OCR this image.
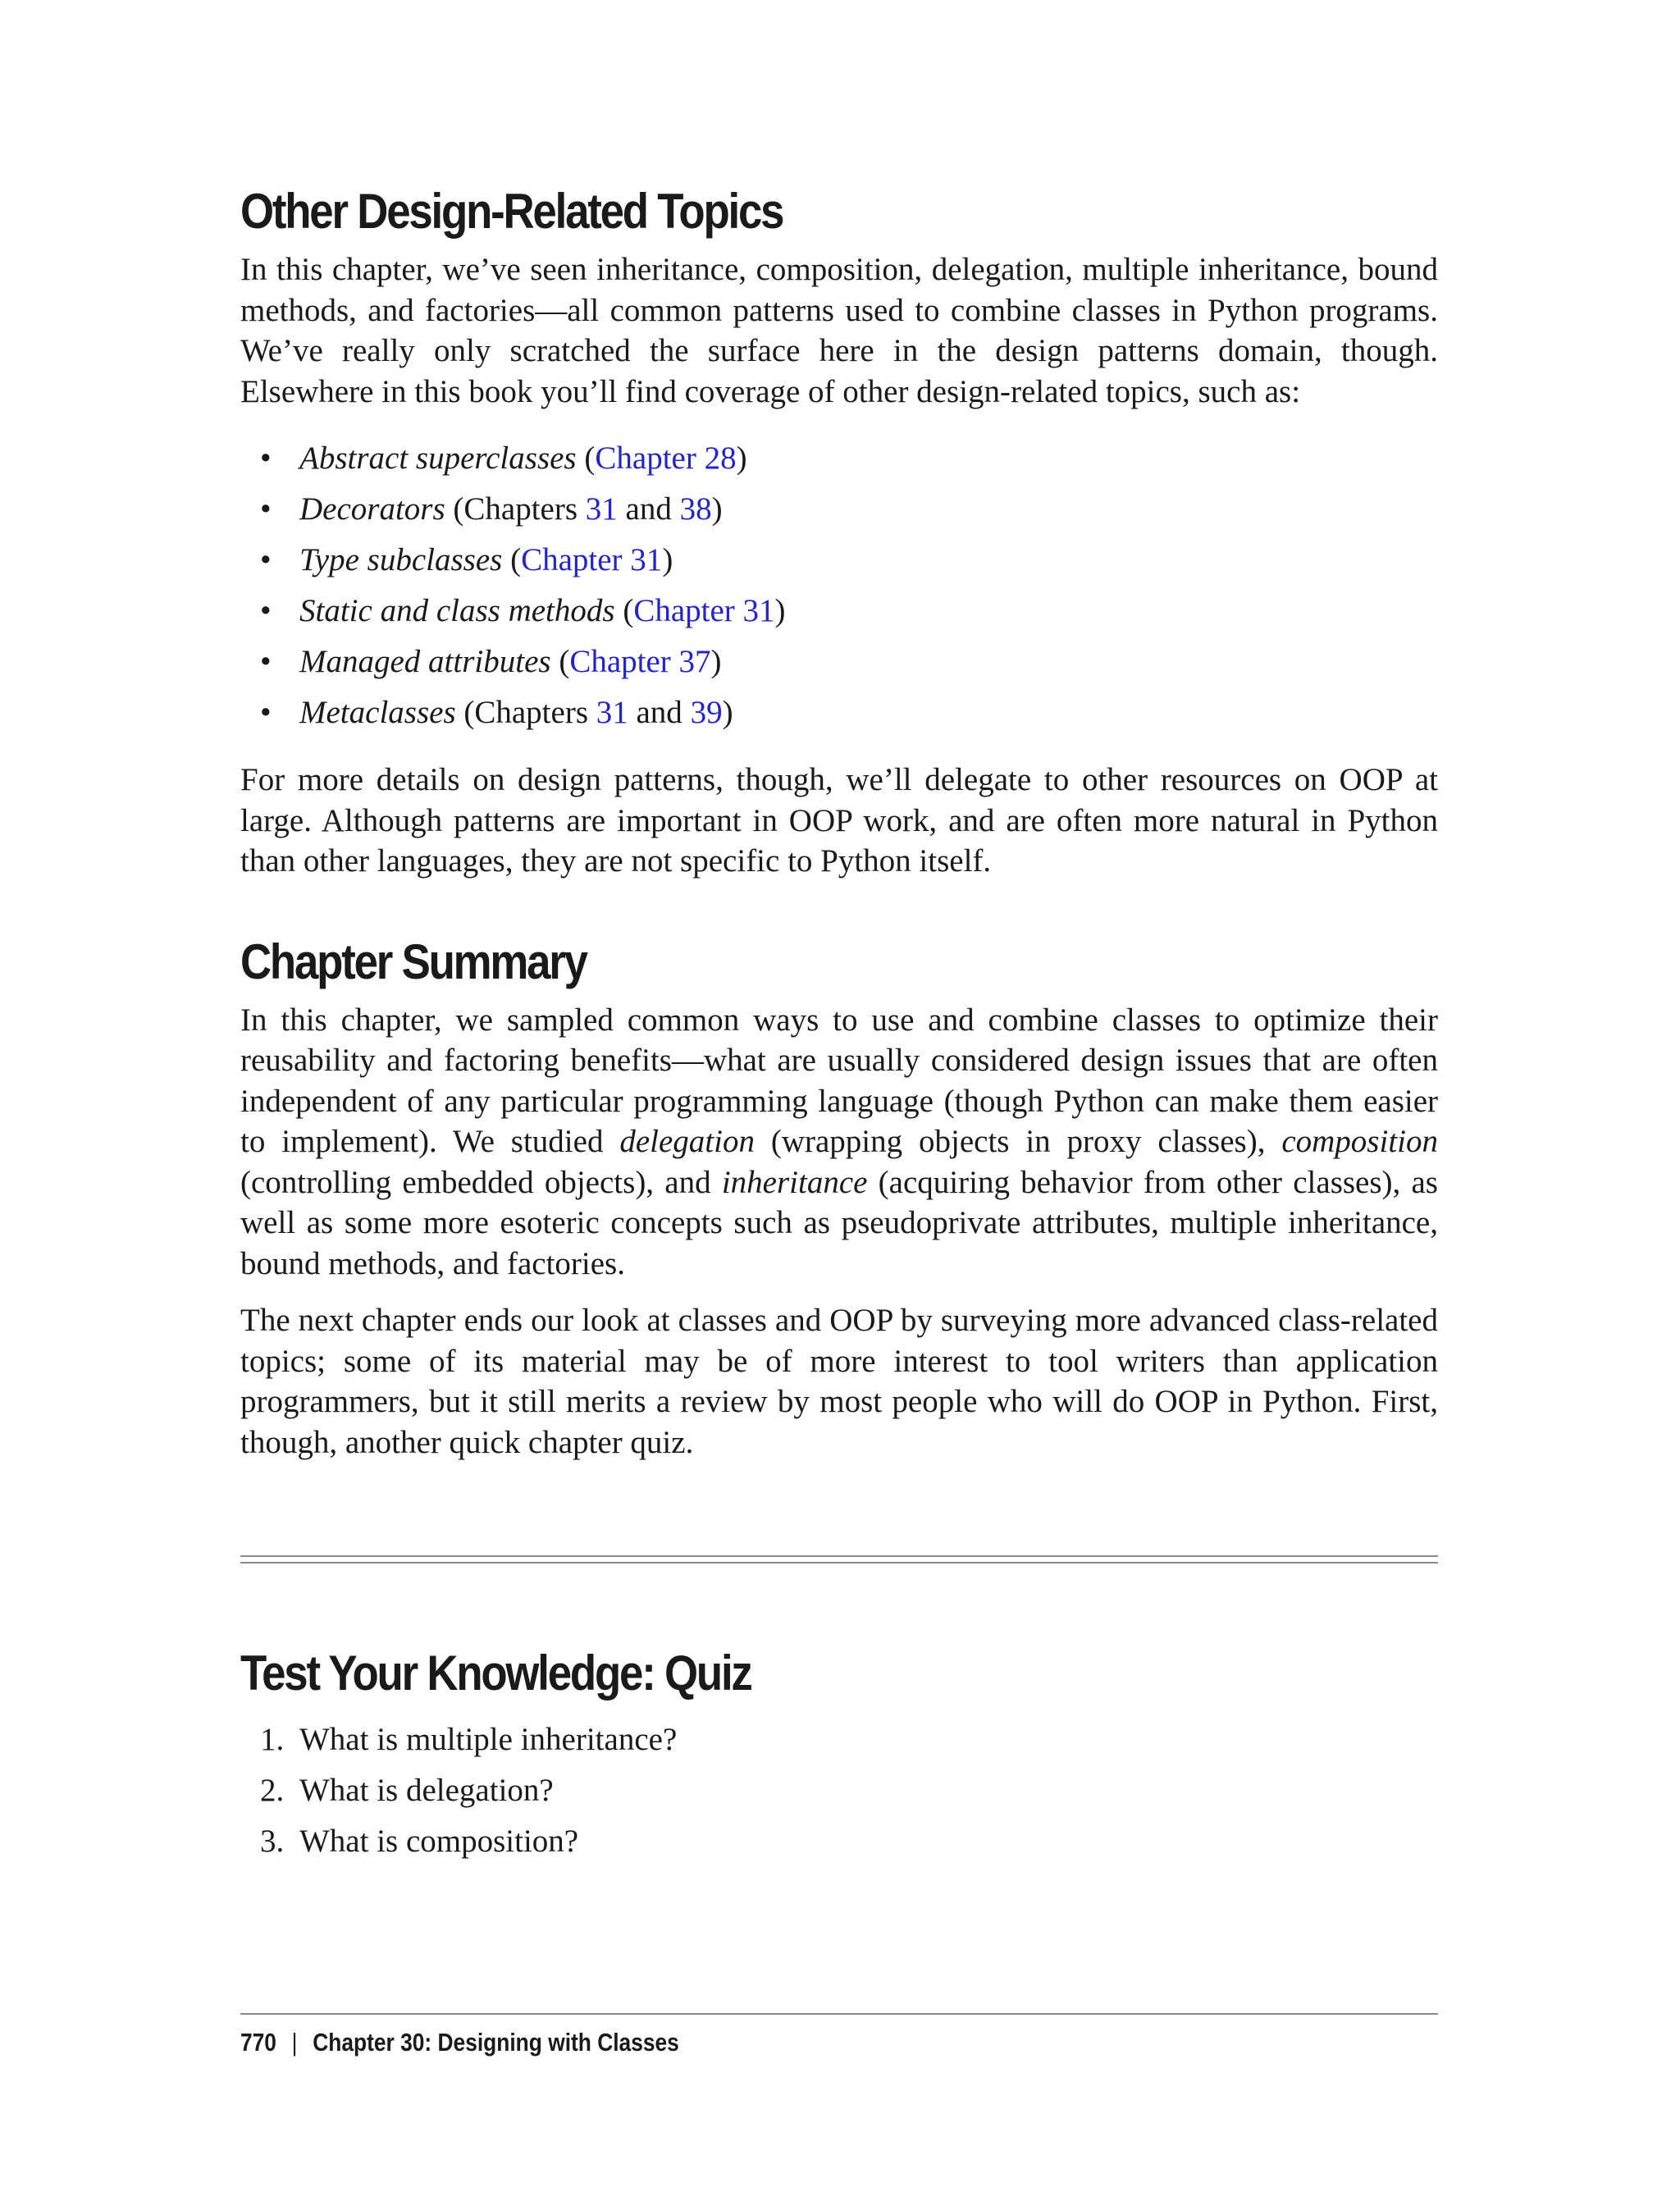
Other Design-Related Topics

In this chapter, we’ve seen inheritance, composition, delegation, multiple inheritance, bound methods, and factories—all common patterns used to combine classes in Python programs. We’ve really only scratched the surface here in the design patterns domain, though. Elsewhere in this book you’ll find coverage of other design-related topics, such as:

• Abstract superclasses (Chapter 28)
• Decorators (Chapters 31 and 38)
• Type subclasses (Chapter 31)
• Static and class methods (Chapter 31)
• Managed attributes (Chapter 37)
• Metaclasses (Chapters 31 and 39)

For more details on design patterns, though, we’ll delegate to other resources on OOP at large. Although patterns are important in OOP work, and are often more natural in Python than other languages, they are not specific to Python itself.

Chapter Summary

In this chapter, we sampled common ways to use and combine classes to optimize their reusability and factoring benefits—what are usually considered design issues that are often independent of any particular programming language (though Python can make them easier to implement). We studied delegation (wrapping objects in proxy classes), composition (controlling embedded objects), and inheritance (acquiring behavior from other classes), as well as some more esoteric concepts such as pseudoprivate attributes, multiple inheritance, bound methods, and factories.

The next chapter ends our look at classes and OOP by surveying more advanced class-related topics; some of its material may be of more interest to tool writers than application programmers, but it still merits a review by most people who will do OOP in Python. First, though, another quick chapter quiz.

Test Your Knowledge: Quiz
1. What is multiple inheritance?
2. What is delegation?
3. What is composition?
770 | Chapter 30: Designing with Classes
